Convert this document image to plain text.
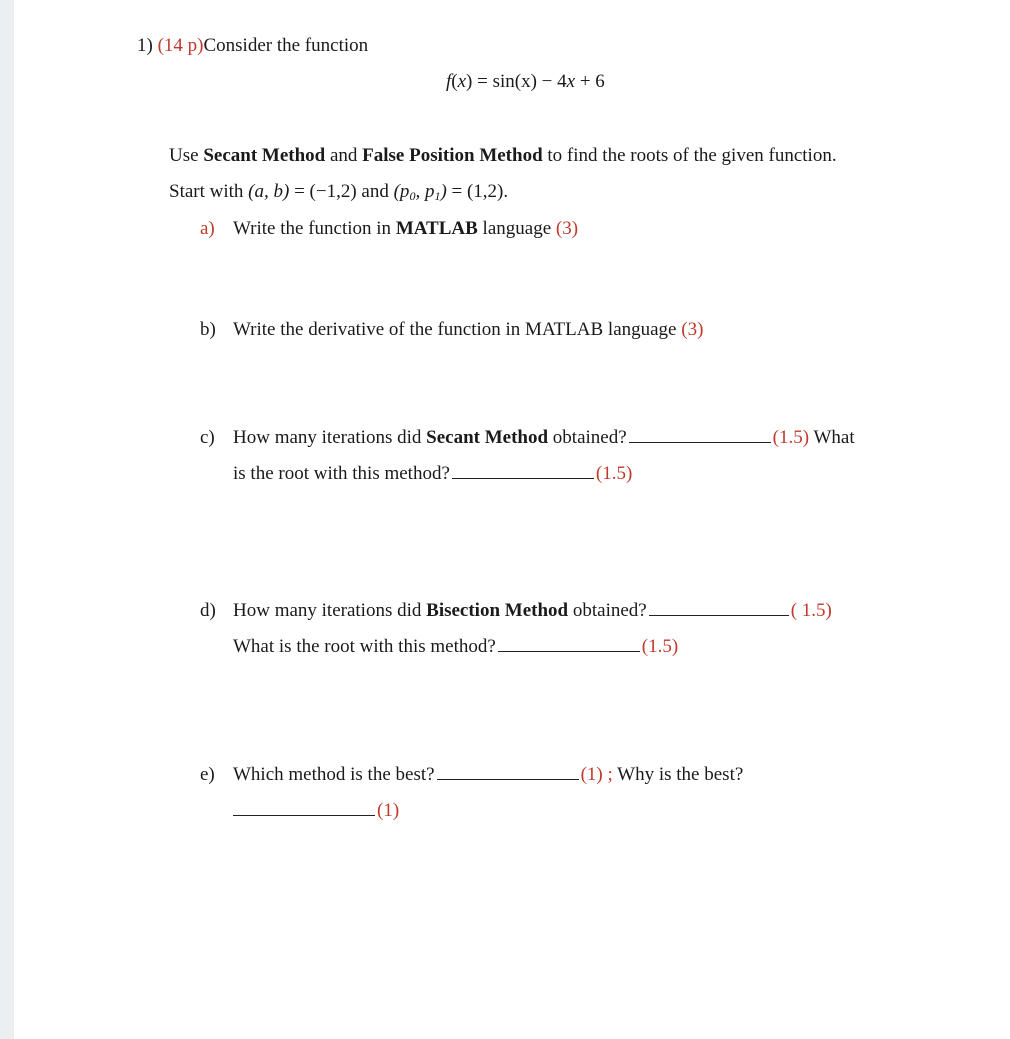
1) (14 p)Consider the function
f(x) = sin(x) − 4x + 6
Use Secant Method and False Position Method to find the roots of the given function.
Start with (a, b) = (−1,2) and ($p_0$, $p_1) = (1,2)$.
a) Write the function in MATLAB language (3)
b) Write the derivative of the function in MATLAB language (3)
c) How many iterations did Secant Method obtained?	(1.5) What
is the root with this method?	(1.5)
d) How many iterations did Bisection Method obtained?	( 1.5)
What is the root with this method?	(1.5)
e) Which method is the best?	(1) ; Why is the best?
(1)
